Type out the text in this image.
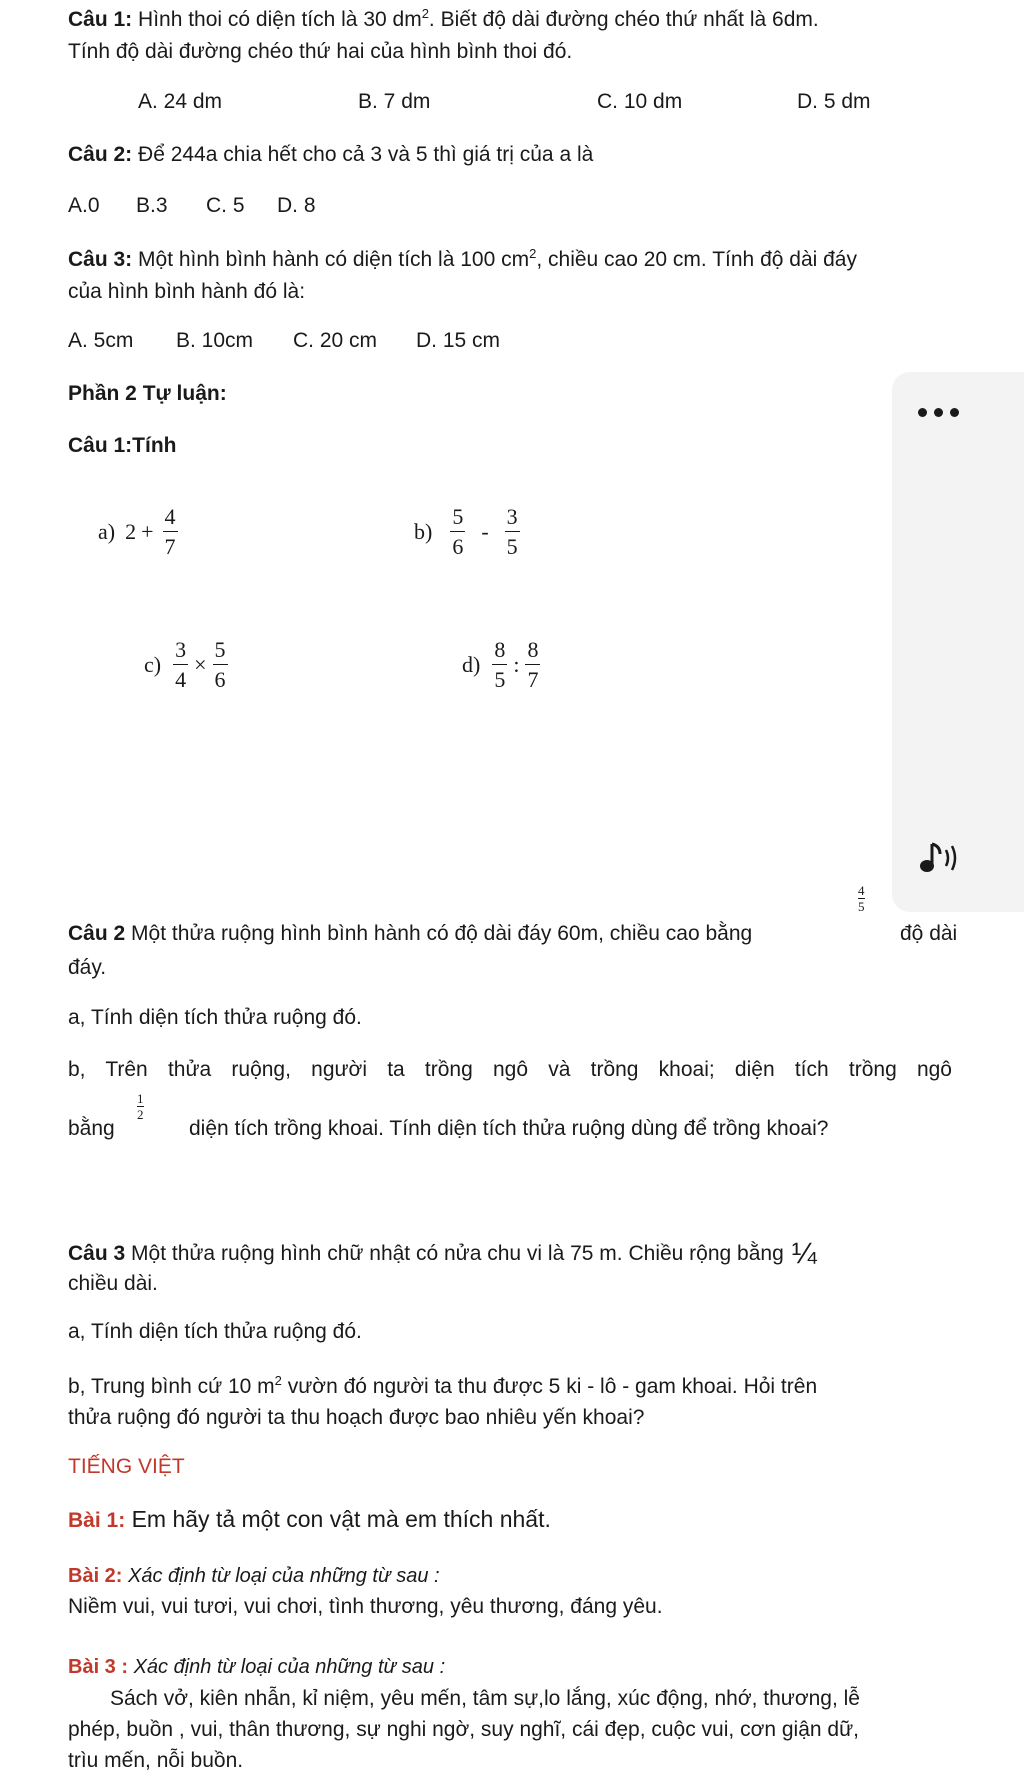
Câu 1: Hình thoi có diện tích là 30 $dm^2$. Biết độ dài đường chéo thứ nhất là 6dm.
Tính độ dài đường chéo thứ hai của hình bình thoi đó.
A. 24 dm	B. 7 dm	C. 10 dm	D. 5 dm
Câu 2: Để 244a chia hết cho cả 3 và 5 thì giá trị của a là
A.0 B.3 C. 5 D. 8
Câu 3: Một hình bình hành có diện tích là 100 $cm^2$, chiều cao 20 cm. Tính độ dài đáy
của hình bình hành đó là:
A. 5cm B. 10cm C. 20 cm D. 15 cm
Phần 2 Tự luận:
Câu 1:Tính
a) $2 + \frac{4}{7}$	$b) \frac{5}{6} - \frac{3}{5}$
$c) \frac{3}{4} \times \frac{5}{6}$	$d) \frac{8}{5}$ : $\frac{8}{7}$
Câu 2 Một thửa ruộng hình bình hành có độ dài đáy 60m, chiều cao bằng
$\frac{4}{5}$
độ dài
đáy.
a, Tính diện tích thửa ruộng đó.
b, Trên thửa ruộng, người ta trồng ngô và trồng khoai; diện tích trồng ngô
bằng
$\frac{1}{2}$
diện tích trồng khoai. Tính diện tích thửa ruộng dùng để trồng khoai?
Câu 3 Một thửa ruộng hình chữ nhật có nửa chu vi là 75 m. Chiều rộng bằng ¼
chiều dài.
a, Tính diện tích thửa ruộng đó.
b, Trung bình cứ 10 $m^2$ vườn đó người ta thu được 5 ki - lô - gam khoai. Hỏi trên
thửa ruộng đó người ta thu hoạch được bao nhiêu yến khoai?
TIẾNG VIỆT
Bài 1: Em hãy tả một con vật mà em thích nhất.
Bài 2: Xác định từ loại của những từ sau :
Niềm vui, vui tươi, vui chơi, tình thương, yêu thương, đáng yêu.
Bài 3 : Xác định từ loại của những từ sau :
Sách vở, kiên nhẫn, kỉ niệm, yêu mến, tâm sự,lo lắng, xúc động, nhớ, thương, lễ
phép, buồn , vui, thân thương, sự nghi ngờ, suy nghĩ, cái đẹp, cuộc vui, cơn giận dữ,
trìu mến, nỗi buồn.
